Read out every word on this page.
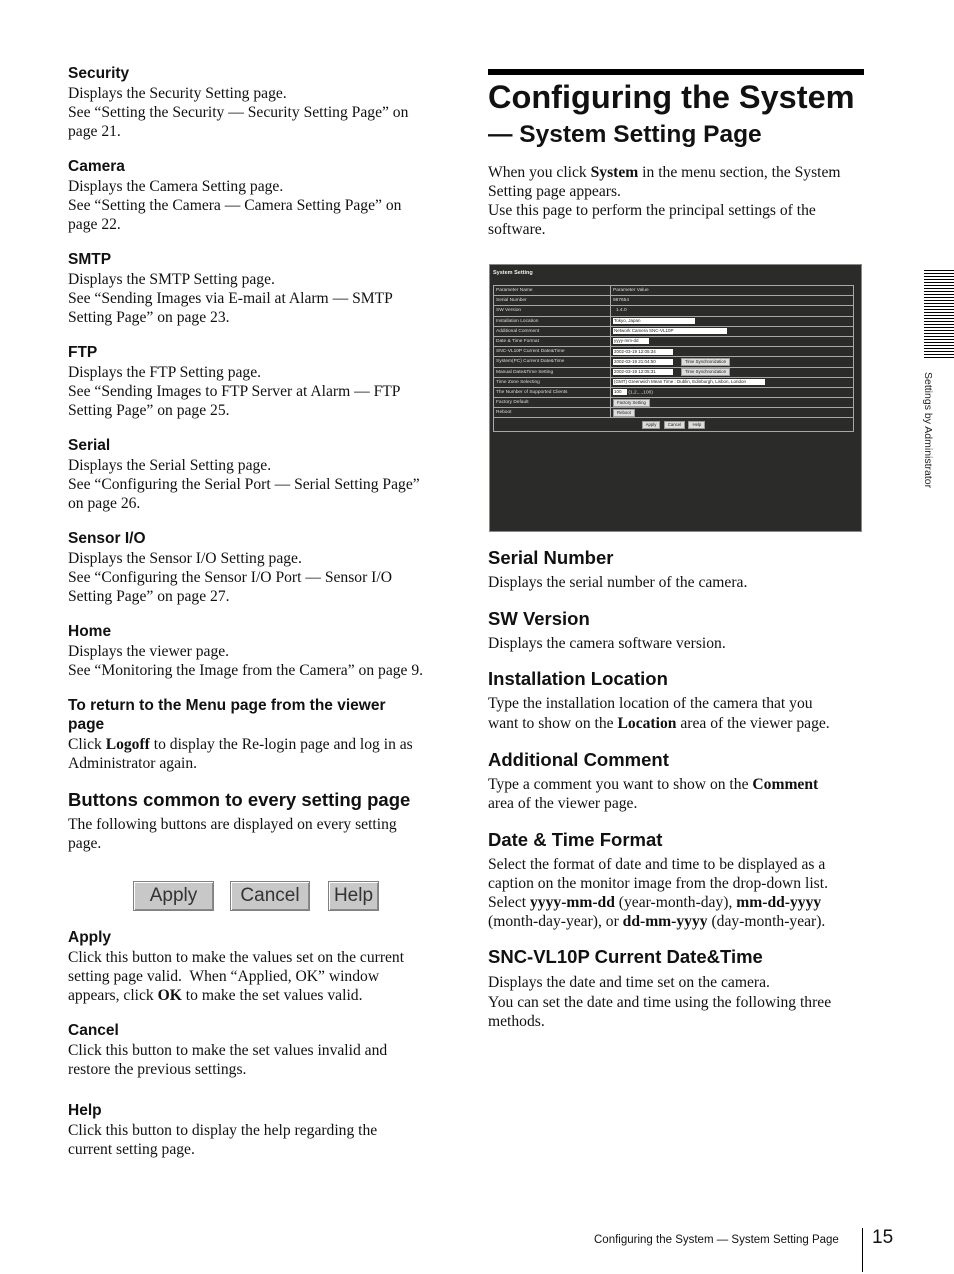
Security

Displays the Security Setting page.

See “Setting the Security — Security Setting Page” on

page 21.

Camera

Displays the Camera Setting page.

See “Setting the Camera — Camera Setting Page” on

page 22.

SMTP

Displays the SMTP Setting page.

See “Sending Images via E-mail at Alarm — SMTP

Setting Page” on page 23.

FTP

Displays the FTP Setting page.

See “Sending Images to FTP Server at Alarm — FTP

Setting Page” on page 25.

Serial

Displays the Serial Setting page.

See “Configuring the Serial Port — Serial Setting Page”

on page 26.

Sensor I/O

Displays the Sensor I/O Setting page.

See “Configuring the Sensor I/O Port — Sensor I/O

Setting Page” on page 27.

Home

Displays the viewer page.

See “Monitoring the Image from the Camera” on page 9.

To return to the Menu page from the viewer
page

Click Logoff to display the Re-login page and log in as

Administrator again.

Buttons common to every setting page

The following buttons are displayed on every setting

page.

Apply	Cancel	Help
Apply

Click this button to make the values set on the current

setting page valid.  When “Applied, OK” window

appears, click OK to make the set values valid.

Cancel

Click this button to make the set values invalid and

restore the previous settings.

Help

Click this button to display the help regarding the

current setting page.

Configuring the System
— System Setting Page

When you click System in the menu section, the System

Setting page appears.

Use this page to perform the principal settings of the

software.

System Setting
Parameter Name	Parameter Value
Serial Number	987654
SW Version	1.4.0
Installation Location	Tokyo, Japan
Additional Comment	Network Camera SNC-VL10P
Date & Time Format	yyyy-mm-dd
SNC-VL10P Current Date&Time	2002-03-19 12:05:34
System(PC) Current Date&Time	2002-03-19 21:04:50 Time Synchronization
Manual Date&Time Setting	2002-03-19 12:05:31 Time Synchronization
Time Zone Selecting	(GMT) Greenwich Mean Time : Dublin, Edinburgh, Lisbon, London
The Number of Supported Clients	100 (1,2,...,100)
Factory Default	Factory Setting
Reboot	Reboot
Apply Cancel Help	
Serial Number

Displays the serial number of the camera.

SW Version

Displays the camera software version.

Installation Location

Type the installation location of the camera that you

want to show on the Location area of the viewer page.

Additional Comment

Type a comment you want to show on the Comment

area of the viewer page.

Date & Time Format

Select the format of date and time to be displayed as a

caption on the monitor image from the drop-down list.

Select yyyy-mm-dd (year-month-day), mm-dd-yyyy

(month-day-year), or dd-mm-yyyy (day-month-year).

SNC-VL10P Current Date&Time

Displays the date and time set on the camera.

You can set the date and time using the following three

methods.

Settings by Administrator
Configuring the System — System Setting Page 15
